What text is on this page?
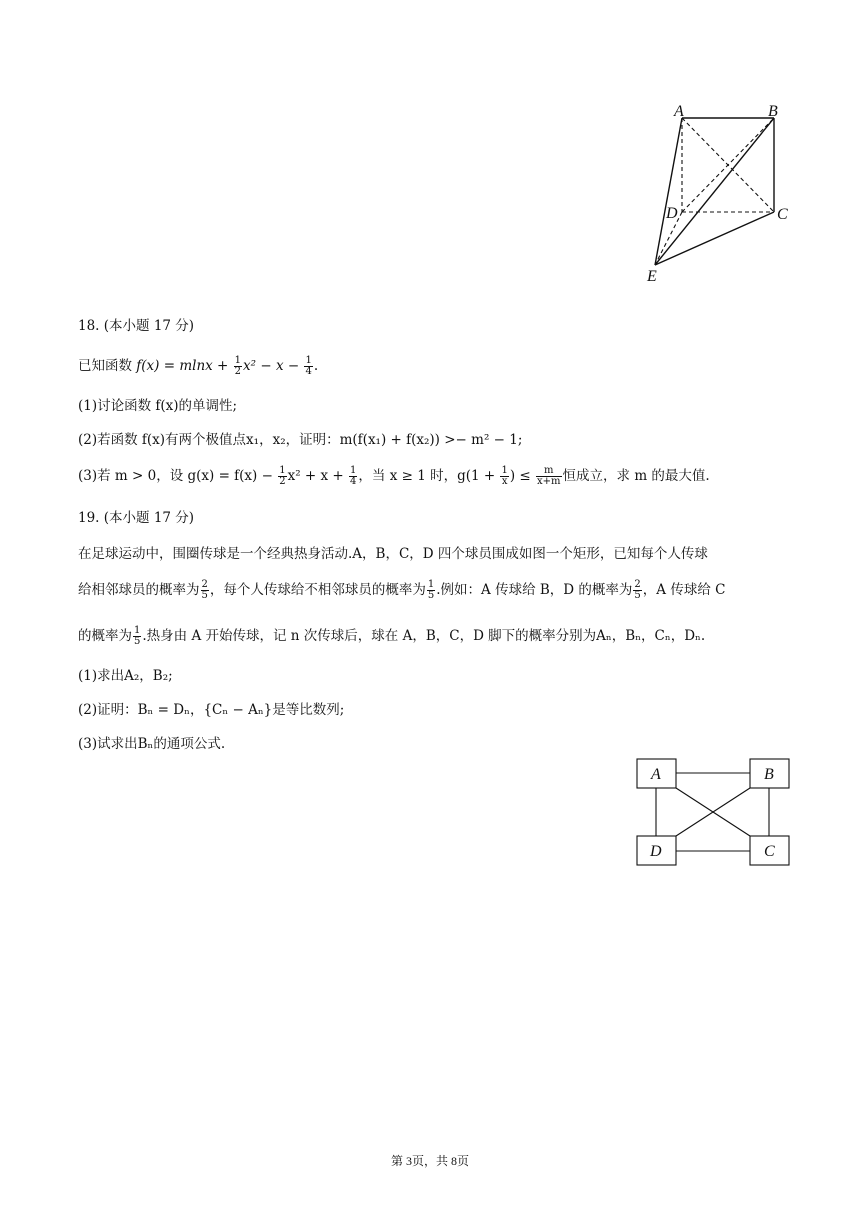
A	B
C
D
E
18. (本小题 17 分)
已知函数 $f(x) = mlnx + \frac{1}{2} x^2 - x - \frac{1}{4}$ .
(1)讨论函数 f(x)的单调性;
(2)若函数 f(x)有两个极值点x₁，x₂，证明：m(f(x₁) + f(x₂)) >− m² − 1;
(3)若 m > 0，设 $g(x) = f(x) - \frac{1}{2} x^2 + x + \frac{1}{4}$ ，当 x ≥ 1 时，$g(1 + \frac{1}{x}$ ) ≤ $\frac{m}{x+m}$ 恒成立，求 m 的最大值.
19. (本小题 17 分)
在足球运动中，围圈传球是一个经典热身活动.A，B，C，D 四个球员围成如图一个矩形，已知每个人传球
给相邻球员的概率为 $\frac{2}{5}$ ，每个人传球给不相邻球员的概率为 $\frac{1}{5}$ .例如：A 传球给 B，D 的概率为 $\frac{2}{5}$ ，A 传球给 C
的概率为 $\frac{1}{5}$ .热身由 A 开始传球，记 n 次传球后，球在 A，B，C，D 脚下的概率分别为Aₙ，Bₙ，Cₙ，Dₙ.
(1)求出A₂，B₂;
(2)证明：Bₙ = Dₙ，{Cₙ − Aₙ}是等比数列;
(3)试求出Bₙ的通项公式.
A	B
D	C
第 3页，共 8页
